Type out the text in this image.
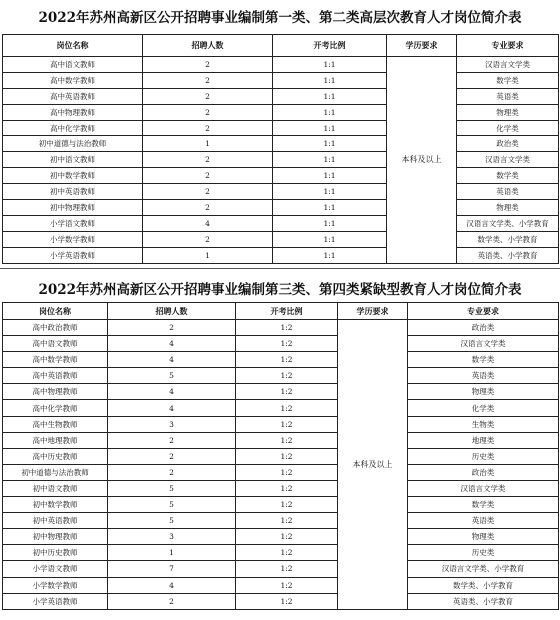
2022年苏州高新区公开招聘事业编制第一类、第二类高层次教育人才岗位简介表
岗位名称	招聘人数	开考比例	学历要求	专业要求
高中语文教师	2	1:1	本科及以上	汉语言文学类
高中数学教师	2	1:1		数学类
高中英语教师	2	1:1		英语类
高中物理教师	2	1:1		物理类
高中化学教师	2	1:1		化学类
初中道德与法治教师	1	1:1		政治类
初中语文教师	2	1:1		汉语言文学类
初中数学教师	2	1:1		数学类
初中英语教师	2	1:1		英语类
初中物理教师	2	1:1		物理类
小学语文教师	4	1:1		汉语言文学类、小学教育
小学数学教师	2	1:1		数学类、小学教育
小学英语教师	1	1:1		英语类、小学教育
2022年苏州高新区公开招聘事业编制第三类、第四类紧缺型教育人才岗位简介表
岗位名称	招聘人数	开考比例	学历要求	专业要求
高中政治教师	2	1:2	本科及以上	政治类
高中语文教师	4	1:2		汉语言文学类
高中数学教师	4	1:2		数学类
高中英语教师	5	1:2		英语类
高中物理教师	4	1:2		物理类
高中化学教师	4	1:2		化学类
高中生物教师	3	1:2		生物类
高中地理教师	2	1:2		地理类
高中历史教师	2	1:2		历史类
初中道德与法治教师	2	1:2		政治类
初中语文教师	5	1:2		汉语言文学类
初中数学教师	5	1:2		数学类
初中英语教师	5	1:2		英语类
初中物理教师	3	1:2		物理类
初中历史教师	1	1:2		历史类
小学语文教师	7	1:2		汉语言文学类、小学教育
小学数学教师	4	1:2		数学类、小学教育
小学英语教师	2	1:2		英语类、小学教育
